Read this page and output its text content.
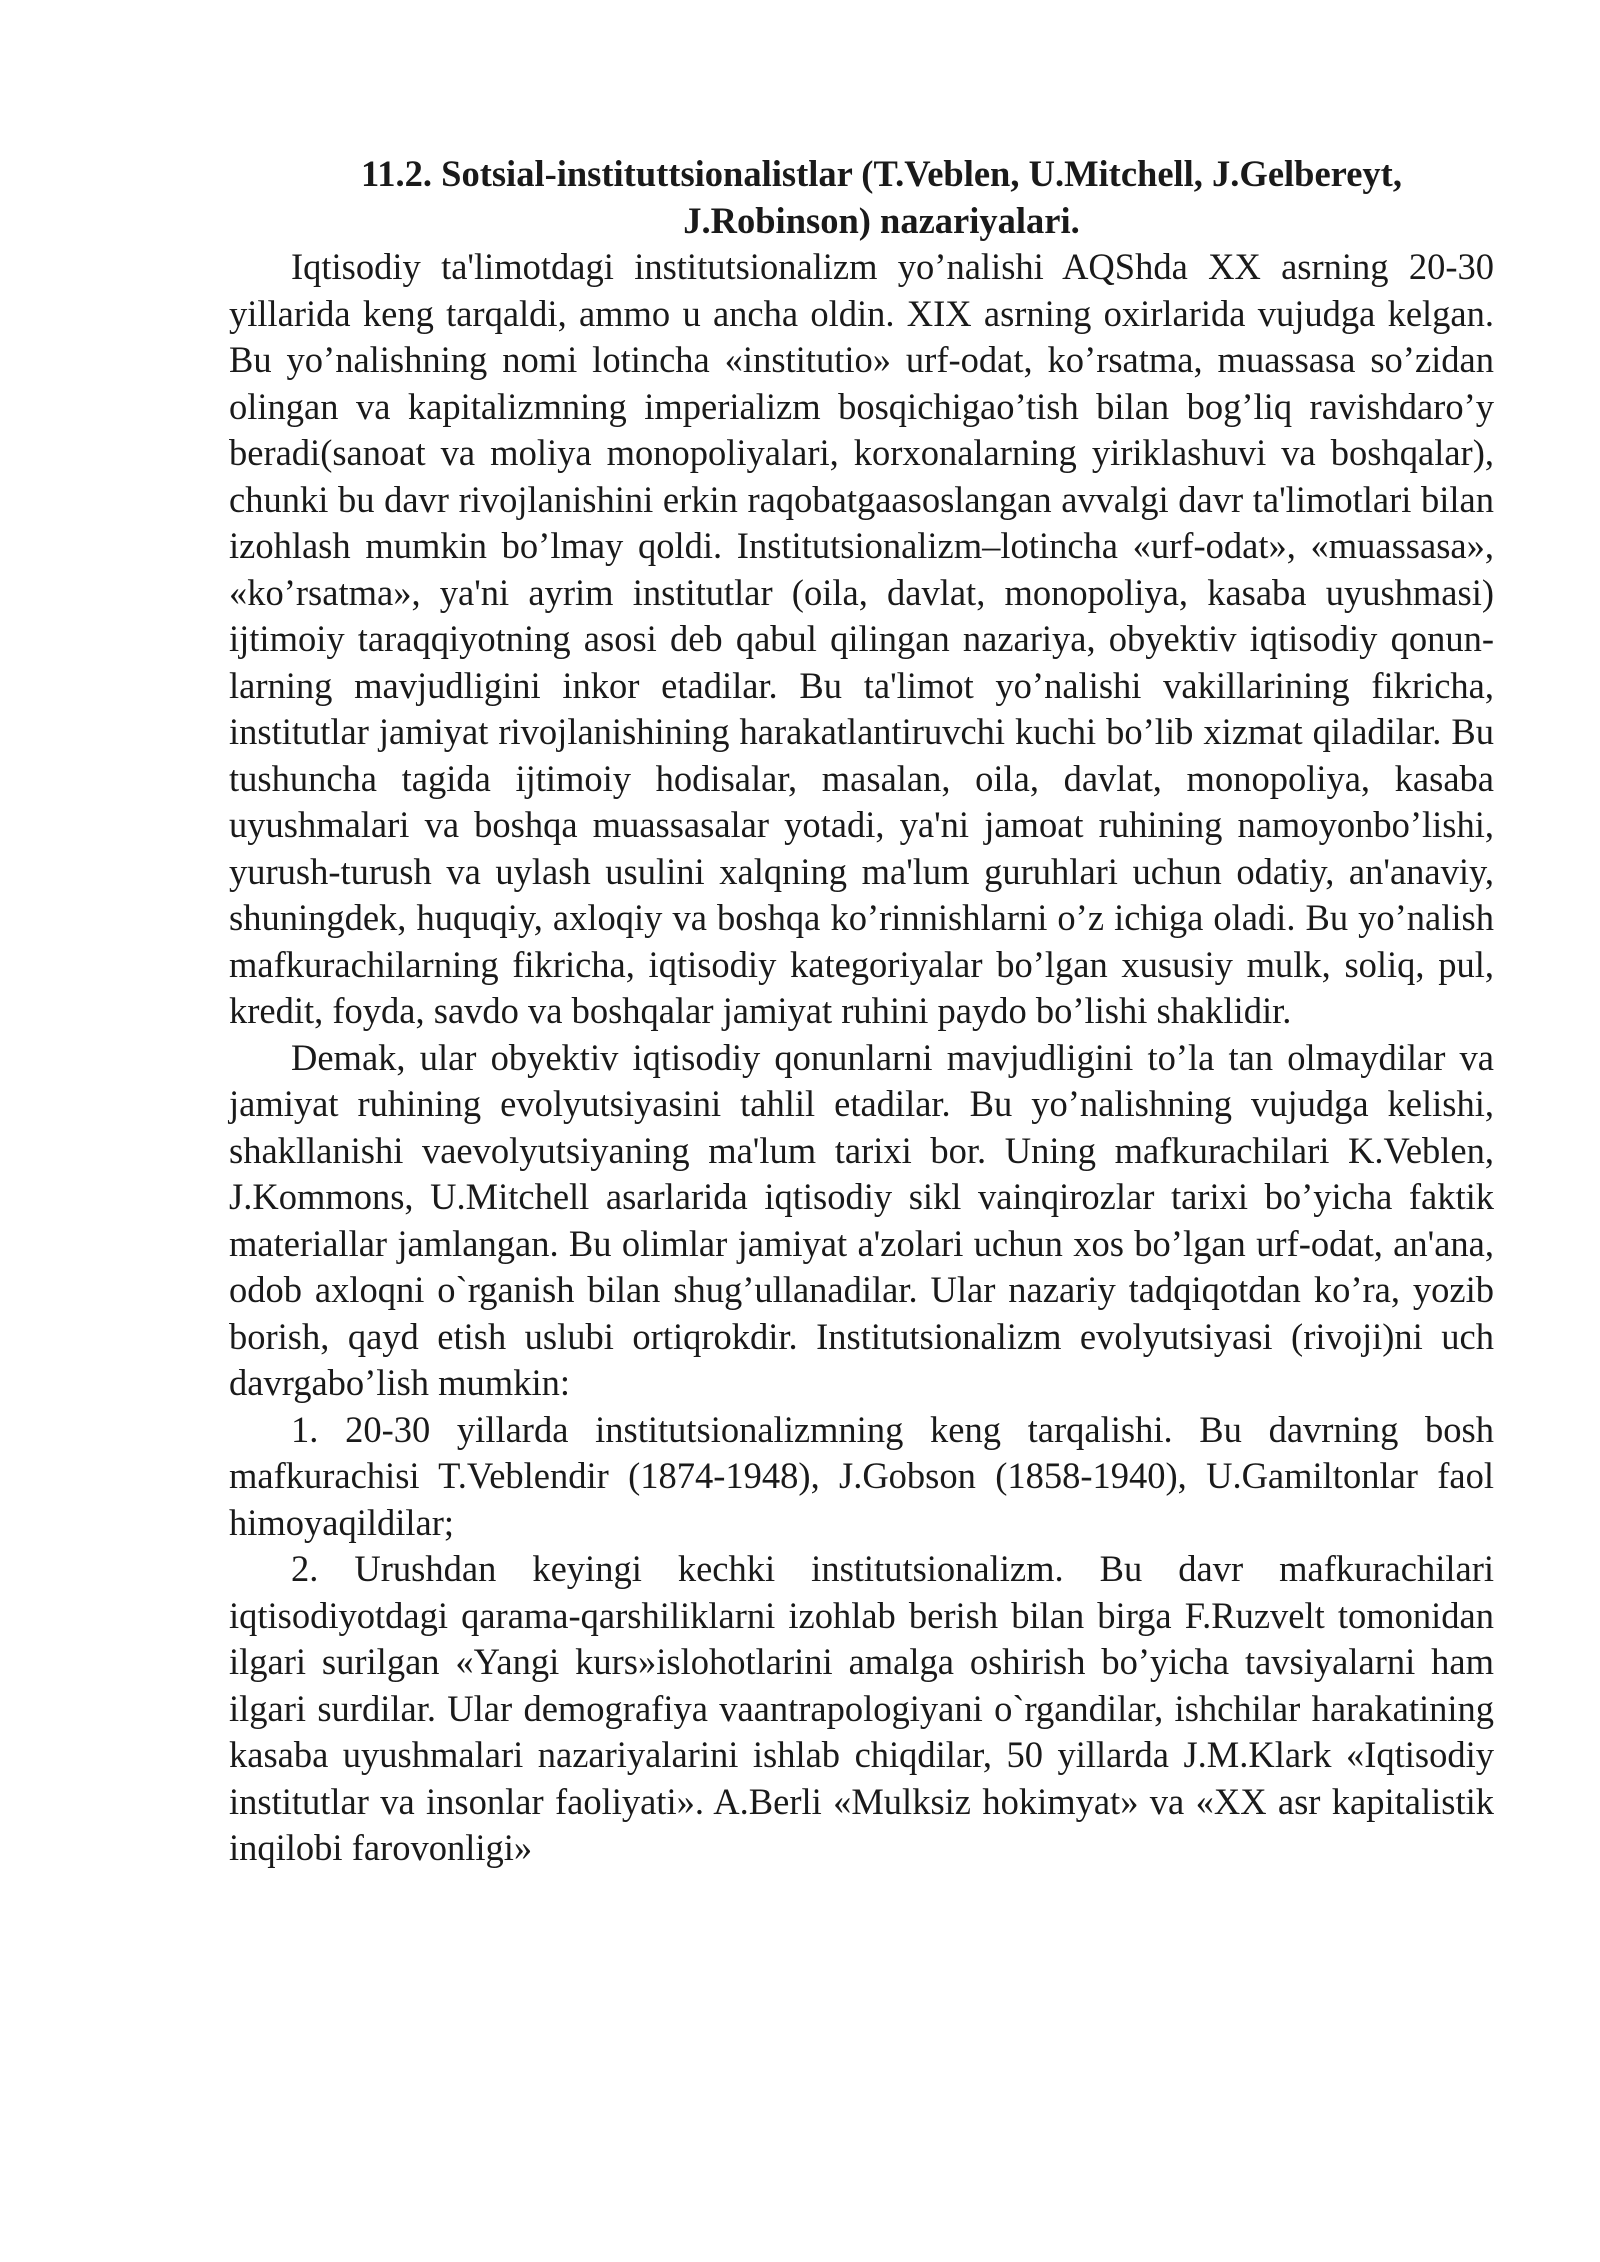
11.2. Sotsial-instituttsionalistlar (T.Veblen, U.Mitchell, J.Gelbereyt,
J.Robinson) nazariyalari.

Iqtisodiy ta'limotdagi institutsionalizm yo’nalishi AQShda XX asrning 20-30 yillarida keng tarqaldi, ammo u ancha oldin. XIX asrning oxirlarida vujudga kelgan. Bu yo’nalishning nomi lotincha «institutio» urf-odat, ko’rsatma, muassasa so’zidan olingan va kapitalizmning imperializm bosqichigao’tish bilan bog’liq ravishdaro’y beradi(sanoat va moliya monopoliyalari, korxonalarning yiriklashuvi va boshqalar), chunki bu davr rivojlanishini erkin raqobatgaasoslangan avvalgi davr ta'limotlari bilan izohlash mumkin bo’lmay qoldi. Institutsionalizm–lotincha «urf-odat», «muassasa», «ko’rsatma», ya'ni ayrim institutlar (oila, davlat, monopoliya, kasaba uyushmasi) ijtimoiy taraqqiyotning asosi deb qabul qilingan nazariya, obyektiv iqtisodiy qonun-larning mavjudligini inkor etadilar. Bu ta'limot yo’nalishi vakillarining fikricha, institutlar jamiyat rivojlanishining harakatlantiruvchi kuchi bo’lib xizmat qiladilar. Bu tushuncha tagida ijtimoiy hodisalar, masalan, oila, davlat, monopoliya, kasaba uyushmalari va boshqa muassasalar yotadi, ya'ni jamoat ruhining namoyonbo’lishi, yurush-turush va uylash usulini xalqning ma'lum guruhlari uchun odatiy, an'anaviy, shuningdek, huquqiy, axloqiy va boshqa ko’rinnishlarni o’z ichiga oladi. Bu yo’nalish mafkurachilarning fikricha, iqtisodiy kategoriyalar bo’lgan xususiy mulk, soliq, pul, kredit, foyda, savdo va boshqalar jamiyat ruhini paydo bo’lishi shaklidir.

Demak, ular obyektiv iqtisodiy qonunlarni mavjudligini to’la tan olmaydilar va jamiyat ruhining evolyutsiyasini tahlil etadilar. Bu yo’nalishning vujudga kelishi, shakllanishi vaevolyutsiyaning ma'lum tarixi bor. Uning mafkurachilari K.Veblen, J.Kommons, U.Mitchell asarlarida iqtisodiy sikl vainqirozlar tarixi bo’yicha faktik materiallar jamlangan. Bu olimlar jamiyat a'zolari uchun xos bo’lgan urf-odat, an'ana, odob axloqni o`rganish bilan shug’ullanadilar. Ular nazariy tadqiqotdan ko’ra, yozib borish, qayd etish uslubi ortiqrokdir. Institutsionalizm evolyutsiyasi (rivoji)ni uch davrgabo’lish mumkin:

1. 20-30 yillarda institutsionalizmning keng tarqalishi. Bu davrning bosh mafkurachisi T.Veblendir (1874-1948), J.Gobson (1858-1940), U.Gamiltonlar faol himoyaqildilar;

2. Urushdan keyingi kechki institutsionalizm. Bu davr mafkurachilari iqtisodiyotdagi qarama-qarshiliklarni izohlab berish bilan birga F.Ruzvelt tomonidan ilgari surilgan «Yangi kurs»islohotlarini amalga oshirish bo’yicha tavsiyalarni ham ilgari surdilar. Ular demografiya vaantrapologiyani o`rgandilar, ishchilar harakatining kasaba uyushmalari nazariyalarini ishlab chiqdilar, 50 yillarda J.M.Klark «Iqtisodiy institutlar va insonlar faoliyati». A.Berli «Mulksiz hokimyat» va «XX asr kapitalistik inqilobi farovonligi»
